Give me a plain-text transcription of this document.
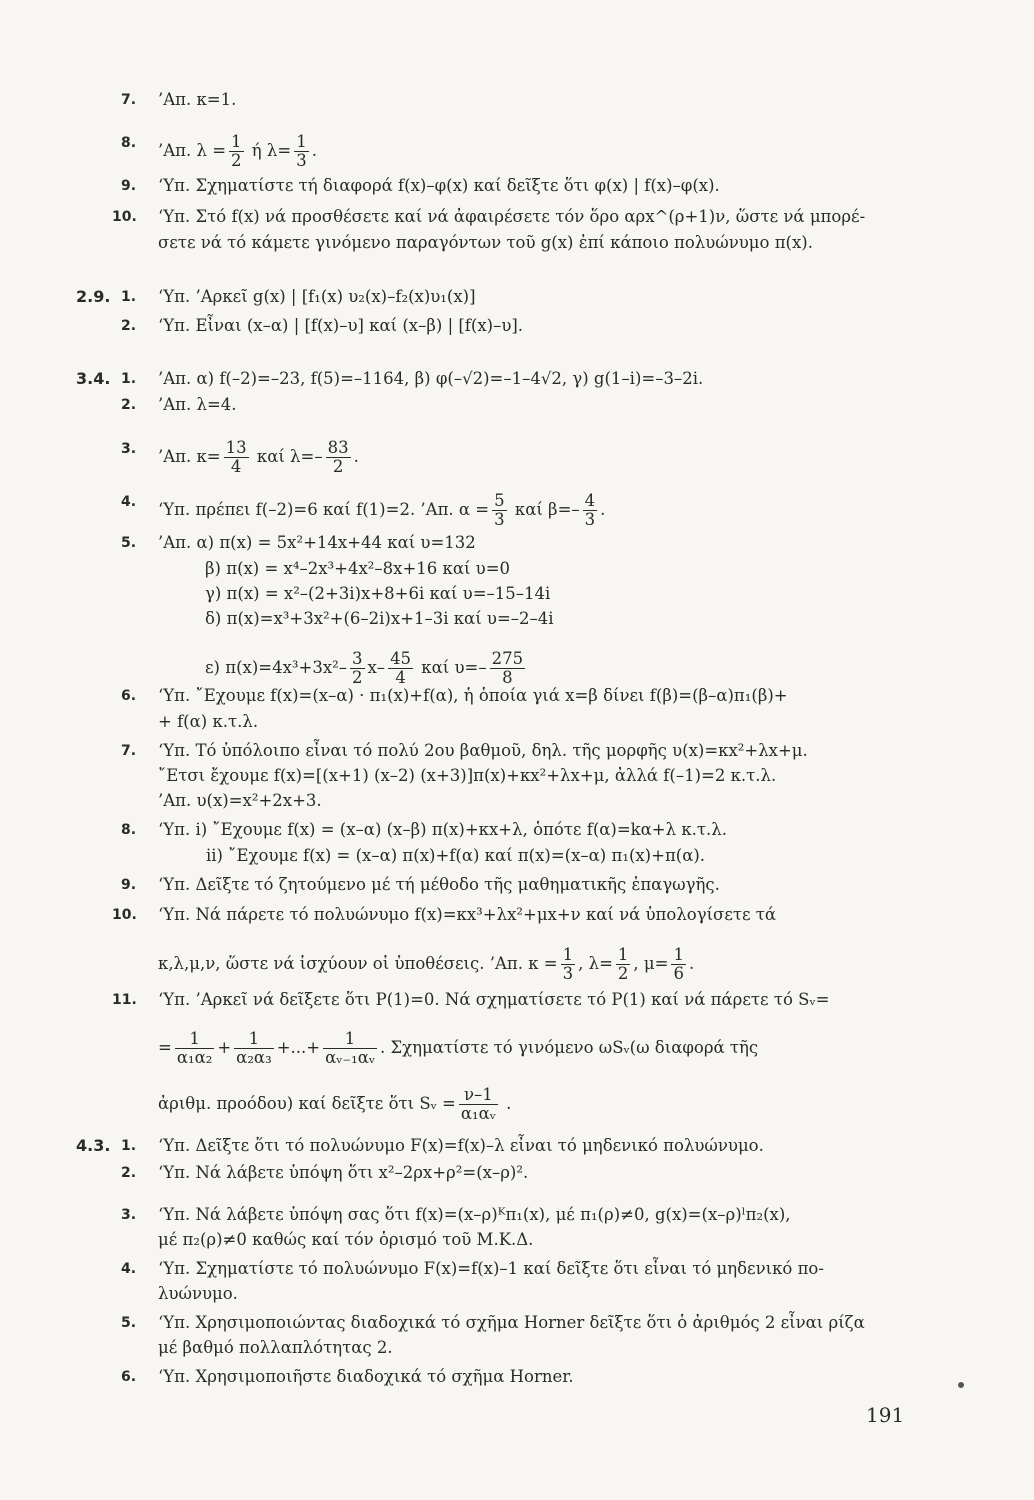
7. ’Απ. κ=1.
8. ’Απ. $\lambda = \frac{1}{2}$ ή $\lambda= \frac{1}{3}$ .
9. ‘Υπ. Σχηματίστε τή διαφορά f(x)–φ(x) καί δεῖξτε ὅτι φ(x) | f(x)–φ(x).
10. ‘Υπ. Στό f(x) νά προσθέσετε καί νά ἀφαιρέσετε τόν ὅρο αρx^(ρ+1)ν, ὥστε νά μπορέ-
σετε νά τό κάμετε γινόμενο παραγόντων τοῦ g(x) ἐπί κάποιο πολυώνυμο π(x).
2.9. 1. ‘Υπ. ’Αρκεῖ g(x) | [f₁(x) υ₂(x)–f₂(x)υ₁(x)]
2. ‘Υπ. Εἶναι (x–α) | [f(x)–υ] καί (x–β) | [f(x)–υ].
3.4. 1. ’Απ. α) f(–2)=–23, f(5)=–1164, β) φ(–√2)=–1–4√2, γ) g(1–i)=–3–2i.
2. ’Απ. λ=4.
3. ’Απ. $\kappa= \frac{13}{4}$ καί $\lambda=- \frac{83}{2}$ .
4. ‘Υπ. πρέπει f(–2)=6 καί f(1)=2. ’Απ. $\alpha = \frac{5}{3}$ καί $\beta=- \frac{4}{3}$ .
5. ’Απ. α) π(x) = 5x²+14x+44 καί υ=132
β) π(x) = x⁴–2x³+4x²–8x+16 καί υ=0
γ) π(x) = x²–(2+3i)x+8+6i καί υ=–15–14i
δ) π(x)=x³+3x²+(6–2i)x+1–3i καί υ=–2–4i
ε) $\pi(x)=4x^3+3x^2- \frac{3}{2} x- \frac{45}{4}$ καί $\upsilon=- \frac{275}{8}$
6. ‘Υπ. ῎Εχουμε f(x)=(x–α) · π₁(x)+f(α), ἡ ὁποία γιά x=β δίνει f(β)=(β–α)π₁(β)+
+ f(α) κ.τ.λ.
7. ‘Υπ. Τό ὑπόλοιπο εἶναι τό πολύ 2ου βαθμοῦ, δηλ. τῆς μορφῆς υ(x)=κx²+λx+μ.
῎Ετσι ἔχουμε f(x)=[(x+1) (x–2) (x+3)]π(x)+κx²+λx+μ, ἀλλά f(–1)=2 κ.τ.λ.
’Απ. υ(x)=x²+2x+3.
8. ‘Υπ. i) ῎Εχουμε f(x) = (x–α) (x–β) π(x)+κx+λ, ὁπότε f(α)=kα+λ κ.τ.λ.
ii) ῎Εχουμε f(x) = (x–α) π(x)+f(α) καί π(x)=(x–α) π₁(x)+π(α).
9. ‘Υπ. Δεῖξτε τό ζητούμενο μέ τή μέθοδο τῆς μαθηματικῆς ἐπαγωγῆς.
10. ‘Υπ. Νά πάρετε τό πολυώνυμο f(x)=κx³+λx²+μx+ν καί νά ὑπολογίσετε τά
κ,λ,μ,ν, ὥστε νά ἰσχύουν οἱ ὑποθέσεις. ’Απ. $\kappa = \frac{1}{3}$ , $\lambda= \frac{1}{2}$ , $\mu= \frac{1}{6}$ .
11. ‘Υπ. ’Αρκεῖ νά δεῖξετε ὅτι P(1)=0. Νά σχηματίσετε τό P(1) καί νά πάρετε τό Sᵥ=
= $\frac{1}{\text{α₁α₂}} + \frac{1}{\text{α₂α₃}}$ +...+ $\frac{1}{\text{αᵥ₋₁αᵥ}}$ . Σχηματίστε τό γινόμενο ωSᵥ(ω διαφορά τῆς
ἀριθμ. προόδου) καί δεῖξτε ὅτι Sᵥ = $\frac{\nu-1}{\text{α₁αᵥ}}$ .
4.3. 1. ‘Υπ. Δεῖξτε ὅτι τό πολυώνυμο F(x)=f(x)–λ εἶναι τό μηδενικό πολυώνυμο.
2. ‘Υπ. Νά λάβετε ὑπόψη ὅτι x²–2ρx+ρ²=(x–ρ)².
3. ‘Υπ. Νά λάβετε ὑπόψη σας ὅτι f(x)=(x–ρ)ᴷπ₁(x), μέ π₁(ρ)≠0, g(x)=(x–ρ)ˡπ₂(x),
μέ π₂(ρ)≠0 καθώς καί τόν ὁρισμό τοῦ Μ.Κ.Δ.
4. ‘Υπ. Σχηματίστε τό πολυώνυμο F(x)=f(x)–1 καί δεῖξτε ὅτι εἶναι τό μηδενικό πο-
λυώνυμο.
5. ‘Υπ. Χρησιμοποιώντας διαδοχικά τό σχῆμα Horner δεῖξτε ὅτι ὁ ἀριθμός 2 εἶναι ρίζα
μέ βαθμό πολλαπλότητας 2.
6. ‘Υπ. Χρησιμοποιῆστε διαδοχικά τό σχῆμα Horner.
191
